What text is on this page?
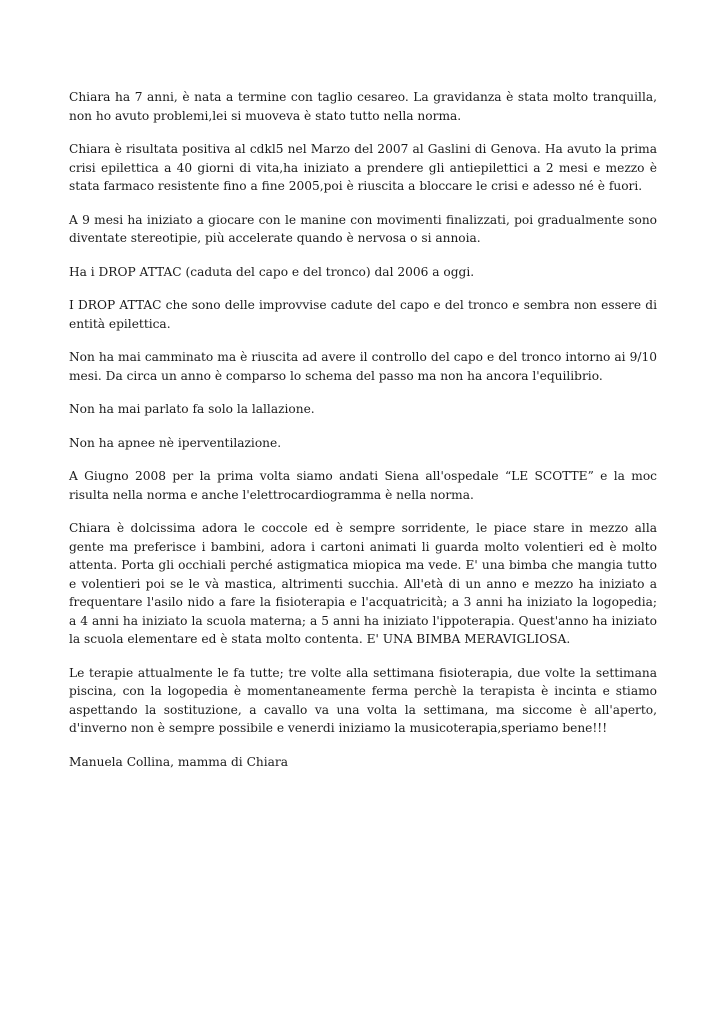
Chiara ha 7 anni, è nata a termine con taglio cesareo. La gravidanza è stata molto tranquilla, non ho avuto problemi,lei si muoveva è stato tutto nella norma.

Chiara è risultata positiva al cdkl5 nel Marzo del 2007 al Gaslini di Genova. Ha avuto la prima crisi epilettica a 40 giorni di vita,ha iniziato a prendere gli antiepilettici a 2 mesi e mezzo è stata farmaco resistente fino a fine 2005,poi è riuscita a bloccare le crisi e adesso né è fuori.

A 9 mesi ha iniziato a giocare con le manine con movimenti finalizzati, poi gradualmente sono diventate stereotipie, più accelerate quando è nervosa o si annoia.

Ha i DROP ATTAC (caduta del capo e del tronco) dal 2006 a oggi.

I DROP ATTAC che sono delle improvvise cadute del capo e del tronco e sembra non essere di entità epilettica.

Non ha mai camminato ma è riuscita ad avere il controllo del capo e del tronco intorno ai 9/10 mesi. Da circa un anno è comparso lo schema del passo ma non ha ancora l'equilibrio.

Non ha mai parlato fa solo la lallazione.

Non ha apnee nè iperventilazione.

A Giugno 2008 per la prima volta siamo andati Siena all'ospedale “LE SCOTTE” e la moc risulta nella norma e anche l'elettrocardiogramma è nella norma.

Chiara è dolcissima adora le coccole ed è sempre sorridente, le piace stare in mezzo alla gente ma preferisce i bambini, adora i cartoni animati li guarda molto volentieri ed è molto attenta. Porta gli occhiali perché astigmatica miopica ma vede. E' una bimba che mangia tutto e volentieri poi se le và mastica, altrimenti succhia. All'età di un anno e mezzo ha iniziato a frequentare l'asilo nido a fare la fisioterapia e l'acquatricità; a 3 anni ha iniziato la logopedia; a 4 anni ha iniziato la scuola materna; a 5 anni ha iniziato l'ippoterapia. Quest'anno ha iniziato la scuola elementare ed è stata molto contenta. E' UNA BIMBA MERAVIGLIOSA.

Le terapie attualmente le fa tutte; tre volte alla settimana fisioterapia, due volte la settimana piscina, con la logopedia è momentaneamente ferma perchè la terapista è incinta e stiamo aspettando la sostituzione, a cavallo va una volta la settimana, ma siccome è all'aperto, d'inverno non è sempre possibile e venerdi iniziamo la musicoterapia,speriamo bene!!!

Manuela Collina, mamma di Chiara
